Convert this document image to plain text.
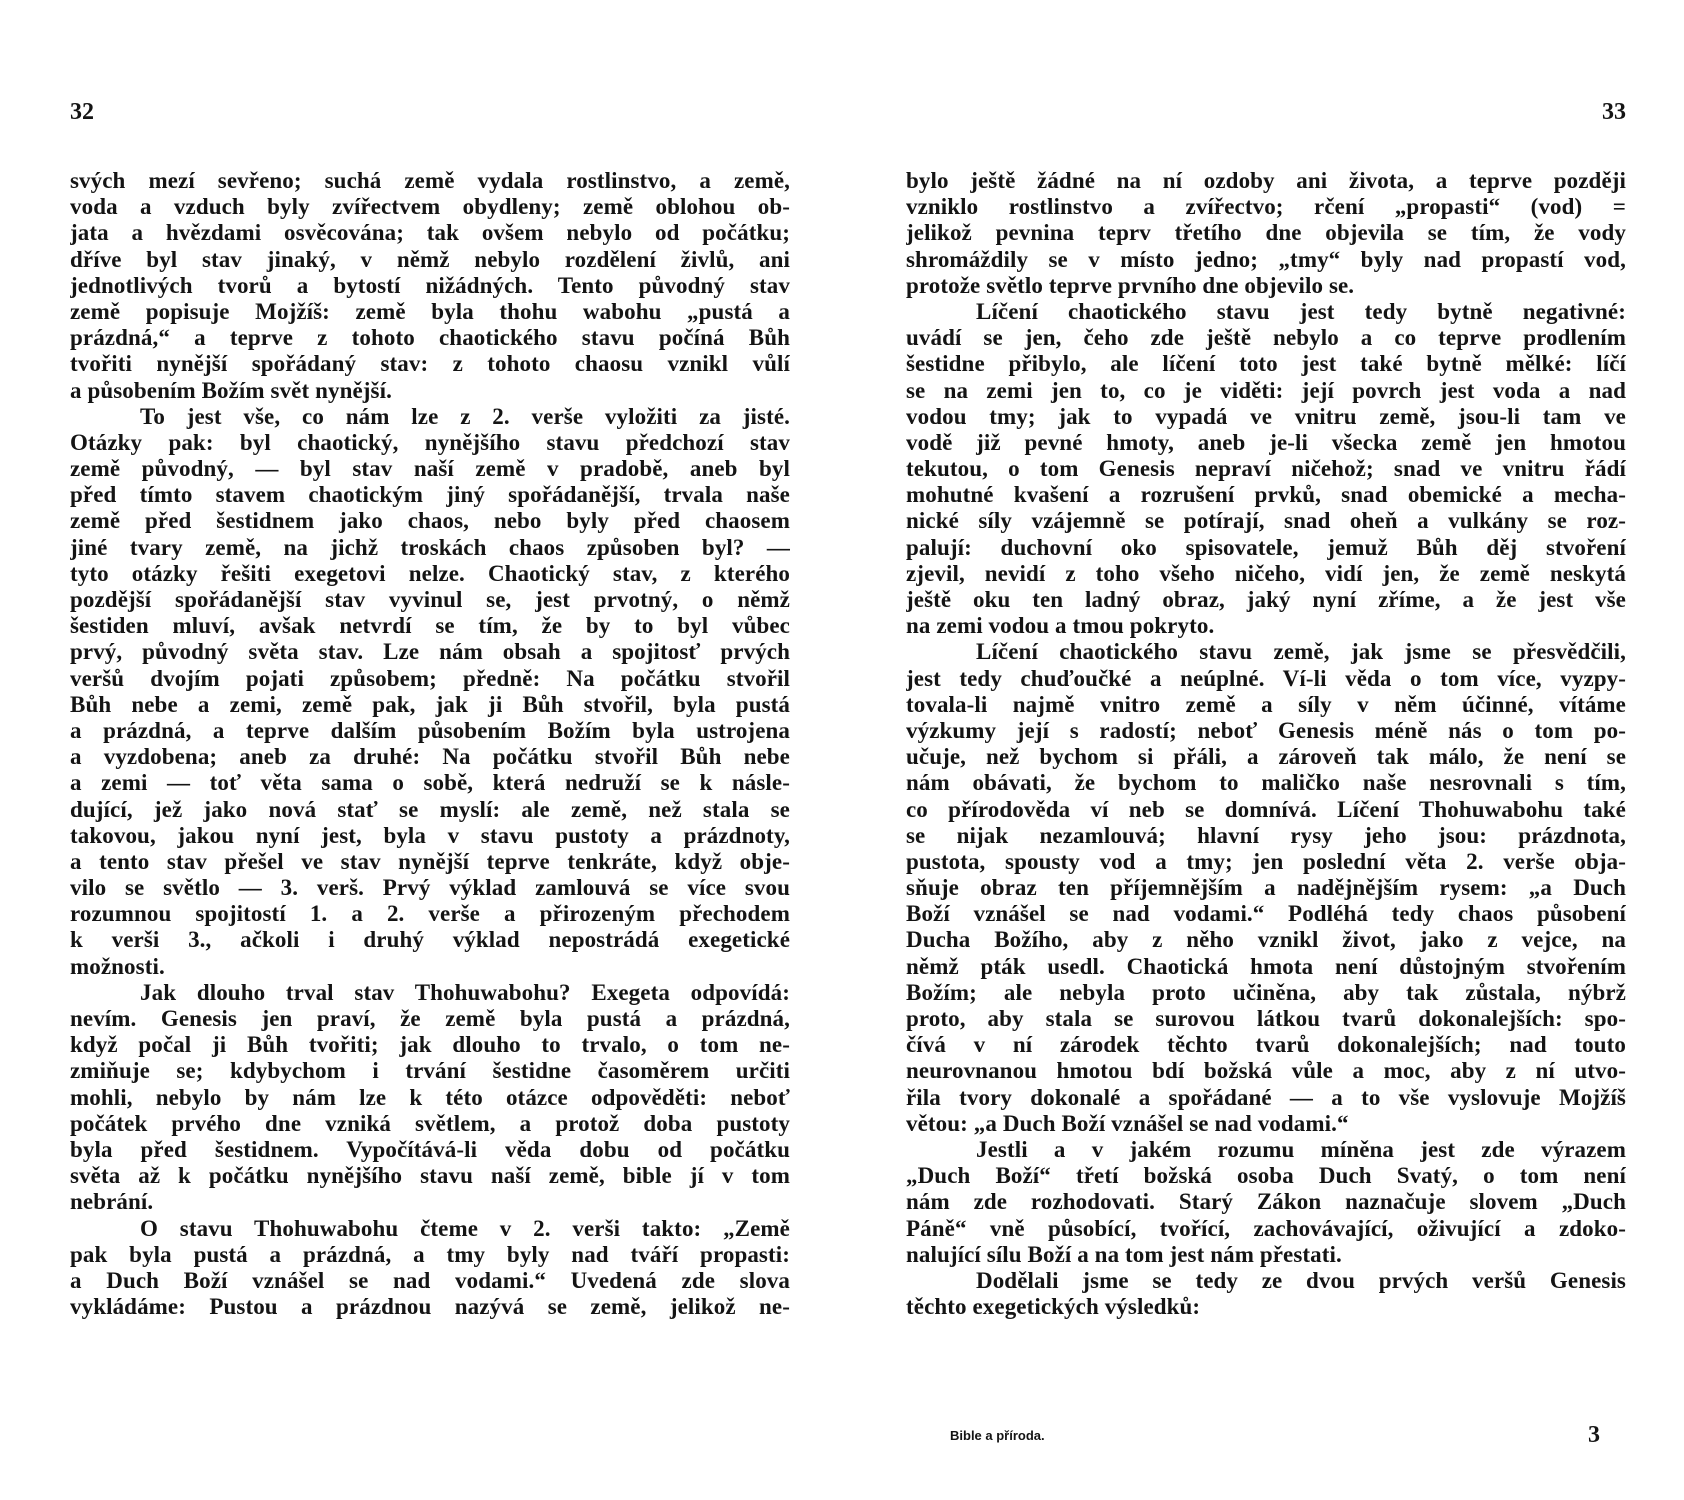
32
svých mezí sevřeno; suchá země vydala rostlinstvo, a země,
voda a vzduch byly zvířectvem obydleny; země oblohou ob-
jata a hvězdami osvěcována; tak ovšem nebylo od počátku;
dříve byl stav jinaký, v němž nebylo rozdělení živlů, ani
jednotlivých tvorů a bytostí nižádných. Tento původný stav
země popisuje Mojžíš: země byla thohu wabohu „pustá a
prázdná,“ a teprve z tohoto chaotického stavu počíná Bůh
tvořiti nynější spořádaný stav: z tohoto chaosu vznikl vůlí
a působením Božím svět nynější.
To jest vše, co nám lze z 2. verše vyložiti za jisté.
Otázky pak: byl chaotický, nynějšího stavu předchozí stav
země původný, — byl stav naší země v pradobě, aneb byl
před tímto stavem chaotickým jiný spořádanější, trvala naše
země před šestidnem jako chaos, nebo byly před chaosem
jiné tvary země, na jichž troskách chaos způsoben byl? —
tyto otázky řešiti exegetovi nelze. Chaotický stav, z kterého
pozdější spořádanější stav vyvinul se, jest prvotný, o němž
šestiden mluví, avšak netvrdí se tím, že by to byl vůbec
prvý, původný světa stav. Lze nám obsah a spojitosť prvých
veršů dvojím pojati způsobem; předně: Na počátku stvořil
Bůh nebe a zemi, země pak, jak ji Bůh stvořil, byla pustá
a prázdná, a teprve dalším působením Božím byla ustrojena
a vyzdobena; aneb za druhé: Na počátku stvořil Bůh nebe
a zemi — toť věta sama o sobě, která nedruží se k násle-
dující, jež jako nová stať se myslí: ale země, než stala se
takovou, jakou nyní jest, byla v stavu pustoty a prázdnoty,
a tento stav přešel ve stav nynější teprve tenkráte, když obje-
vilo se světlo — 3. verš. Prvý výklad zamlouvá se více svou
rozumnou spojitostí 1. a 2. verše a přirozeným přechodem
k verši 3., ačkoli i druhý výklad nepostrádá exegetické
možnosti.
Jak dlouho trval stav Thohuwabohu? Exegeta odpovídá:
nevím. Genesis jen praví, že země byla pustá a prázdná,
když počal ji Bůh tvořiti; jak dlouho to trvalo, o tom ne-
zmiňuje se; kdybychom i trvání šestidne časoměrem určiti
mohli, nebylo by nám lze k této otázce odpověděti: neboť
počátek prvého dne vzniká světlem, a protož doba pustoty
byla před šestidnem. Vypočítává-li věda dobu od počátku
světa až k počátku nynějšího stavu naší země, bible jí v tom
nebrání.
O stavu Thohuwabohu čteme v 2. verši takto: „Země
pak byla pustá a prázdná, a tmy byly nad tváří propasti:
a Duch Boží vznášel se nad vodami.“ Uvedená zde slova
vykládáme: Pustou a prázdnou nazývá se země, jelikož ne-
33
bylo ještě žádné na ní ozdoby ani života, a teprve později
vzniklo rostlinstvo a zvířectvo; rčení „propasti“ (vod) =
jelikož pevnina teprv třetího dne objevila se tím, že vody
shromáždily se v místo jedno; „tmy“ byly nad propastí vod,
protože světlo teprve prvního dne objevilo se.
Líčení chaotického stavu jest tedy bytně negativné:
uvádí se jen, čeho zde ještě nebylo a co teprve prodlením
šestidne přibylo, ale líčení toto jest také bytně mělké: líčí
se na zemi jen to, co je viděti: její povrch jest voda a nad
vodou tmy; jak to vypadá ve vnitru země, jsou-li tam ve
vodě již pevné hmoty, aneb je-li všecka země jen hmotou
tekutou, o tom Genesis nepraví ničehož; snad ve vnitru řádí
mohutné kvašení a rozrušení prvků, snad obemické a mecha-
nické síly vzájemně se potírají, snad oheň a vulkány se roz-
palují: duchovní oko spisovatele, jemuž Bůh děj stvoření
zjevil, nevidí z toho všeho ničeho, vidí jen, že země neskytá
ještě oku ten ladný obraz, jaký nyní zříme, a že jest vše
na zemi vodou a tmou pokryto.
Líčení chaotického stavu země, jak jsme se přesvědčili,
jest tedy chuďoučké a neúplné. Ví-li věda o tom více, vyzpy-
tovala-li najmě vnitro země a síly v něm účinné, vítáme
výzkumy její s radostí; neboť Genesis méně nás o tom po-
učuje, než bychom si přáli, a zároveň tak málo, že není se
nám obávati, že bychom to maličko naše nesrovnali s tím,
co přírodověda ví neb se domnívá. Líčení Thohuwabohu také
se nijak nezamlouvá; hlavní rysy jeho jsou: prázdnota,
pustota, spousty vod a tmy; jen poslední věta 2. verše obja-
sňuje obraz ten příjemnějším a nadějnějším rysem: „a Duch
Boží vznášel se nad vodami.“ Podléhá tedy chaos působení
Ducha Božího, aby z něho vznikl život, jako z vejce, na
němž pták usedl. Chaotická hmota není důstojným stvořením
Božím; ale nebyla proto učiněna, aby tak zůstala, nýbrž
proto, aby stala se surovou látkou tvarů dokonalejších: spo-
čívá v ní zárodek těchto tvarů dokonalejších; nad touto
neurovnanou hmotou bdí božská vůle a moc, aby z ní utvo-
řila tvory dokonalé a spořádané — a to vše vyslovuje Mojžíš
větou: „a Duch Boží vznášel se nad vodami.“
Jestli a v jakém rozumu míněna jest zde výrazem
„Duch Boží“ třetí božská osoba Duch Svatý, o tom není
nám zde rozhodovati. Starý Zákon naznačuje slovem „Duch
Páně“ vně působící, tvořící, zachovávající, oživující a zdoko-
nalující sílu Boží a na tom jest nám přestati.
Dodělali jsme se tedy ze dvou prvých veršů Genesis
těchto exegetických výsledků:
Bible a příroda.	3
